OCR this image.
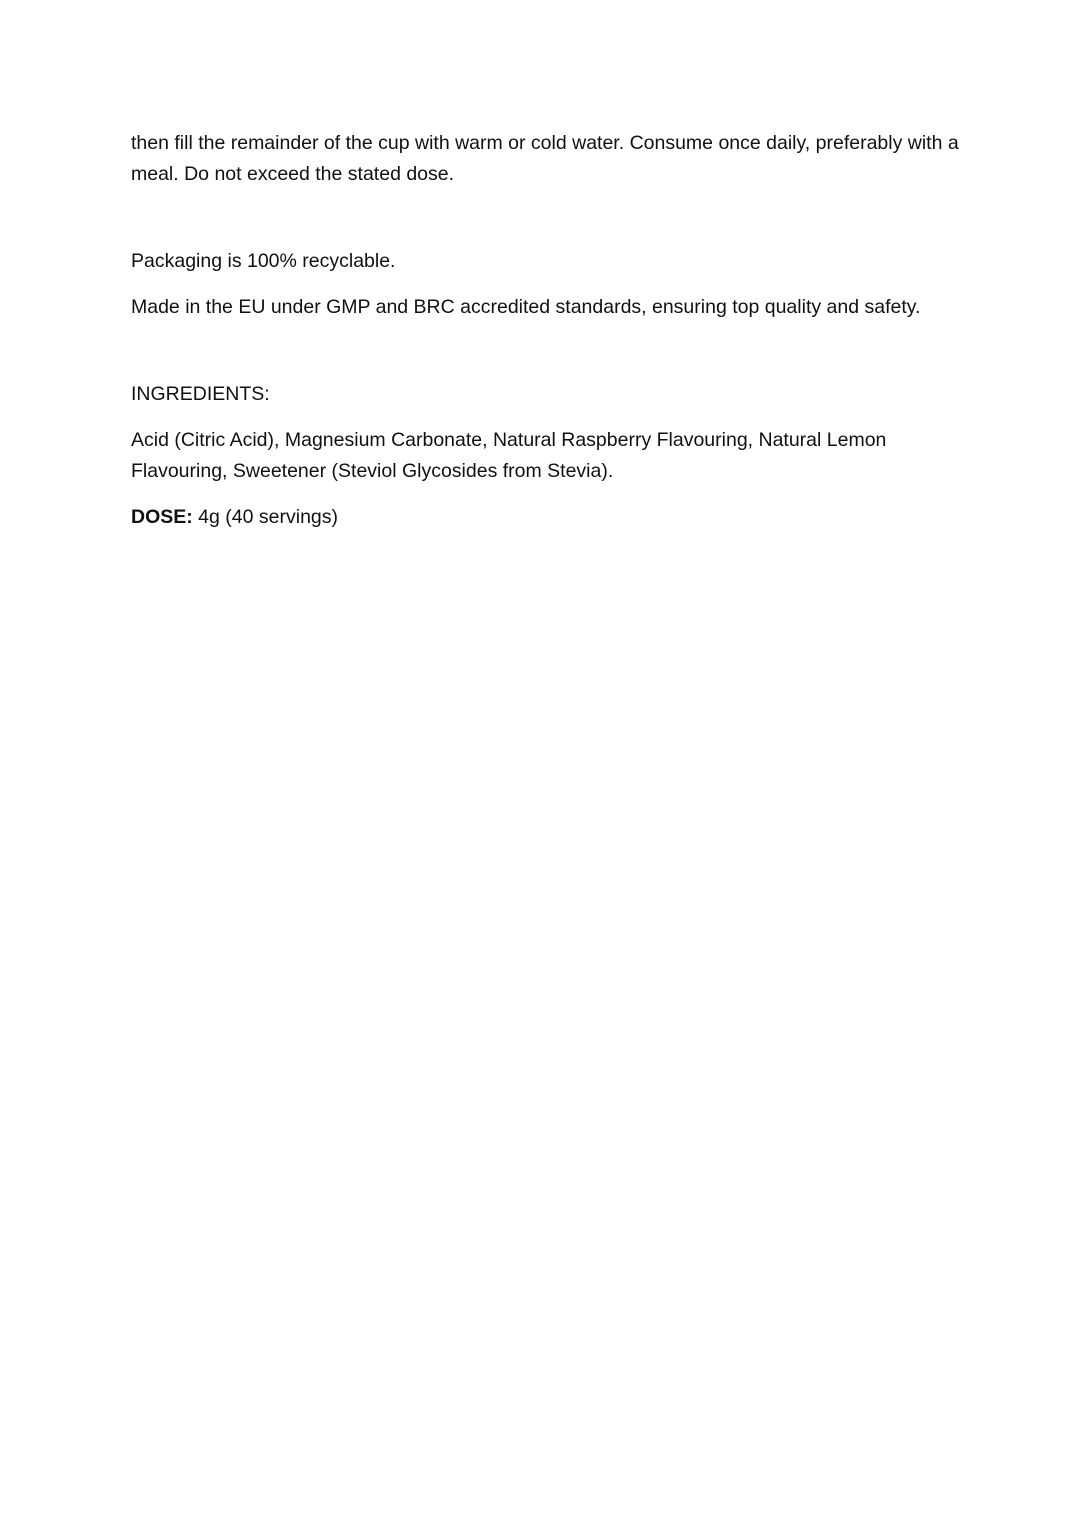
then fill the remainder of the cup with warm or cold water. Consume once daily, preferably with a meal. Do not exceed the stated dose.

Packaging is 100% recyclable.

Made in the EU under GMP and BRC accredited standards, ensuring top quality and safety.

INGREDIENTS:

Acid (Citric Acid), Magnesium Carbonate, Natural Raspberry Flavouring, Natural Lemon Flavouring, Sweetener (Steviol Glycosides from Stevia).

DOSE: 4g (40 servings)
